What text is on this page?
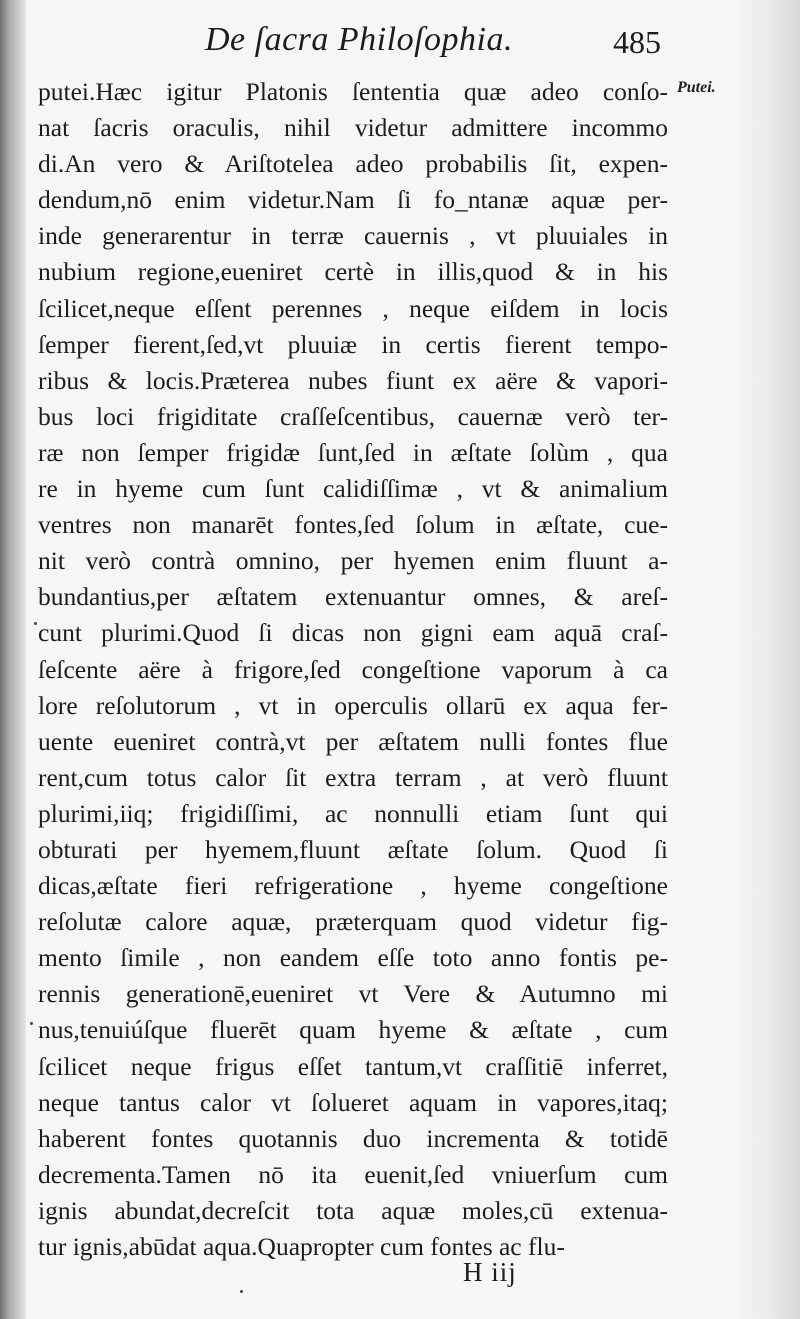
De ſacra Philoſophia.	485
Putei.
putei.Hæc igitur Platonis ſententia quæ adeo conſo-
nat ſacris oraculis, nihil videtur admittere incommo
di.An vero & Ariſtotelea adeo probabilis ſit, expen-
dendum,nō enim videtur.Nam ſi fo_ntanæ aquæ per-
inde generarentur in terræ cauernis , vt pluuiales in
nubium regione,eueniret certè in illis,quod & in his
ſcilicet,neque eſſent perennes , neque eiſdem in locis
ſemper fierent,ſed,vt pluuiæ in certis fierent tempo-
ribus & locis.Præterea nubes fiunt ex aëre & vapori-
bus loci frigiditate craſſeſcentibus, cauernæ verò ter-
ræ non ſemper frigidæ ſunt,ſed in æſtate ſolùm , qua
re in hyeme cum ſunt calidiſſimæ , vt & animalium
ventres non manarēt fontes,ſed ſolum in æſtate, cue-
nit verò contrà omnino, per hyemen enim fluunt a-
bundantius,per æſtatem extenuantur omnes, & areſ-
cunt plurimi.Quod ſi dicas non gigni eam aquā craſ-
ſeſcente aëre à frigore,ſed congeſtione vaporum à ca
lore reſolutorum , vt in operculis ollarū ex aqua fer-
uente eueniret contrà,vt per æſtatem nulli fontes flue
rent,cum totus calor ſit extra terram , at verò fluunt
plurimi,iiq; frigidiſſimi, ac nonnulli etiam ſunt qui
obturati per hyemem,fluunt æſtate ſolum. Quod ſi
dicas,æſtate fieri refrigeratione , hyeme congeſtione
reſolutæ calore aquæ, præterquam quod videtur fig-
mento ſimile , non eandem eſſe toto anno fontis pe-
rennis generationē,eueniret vt Vere & Autumno mi
nus,tenuiúſque fluerēt quam hyeme & æſtate , cum
ſcilicet neque frigus eſſet tantum,vt craſſitiē inferret,
neque tantus calor vt ſolueret aquam in vapores,itaq;
haberent fontes quotannis duo incrementa & totidē
decrementa.Tamen nō ita euenit,ſed vniuerſum cum
ignis abundat,decreſcit tota aquæ moles,cū extenua-
tur ignis,abūdat aqua.Quapropter cum fontes ac flu-
H iij
